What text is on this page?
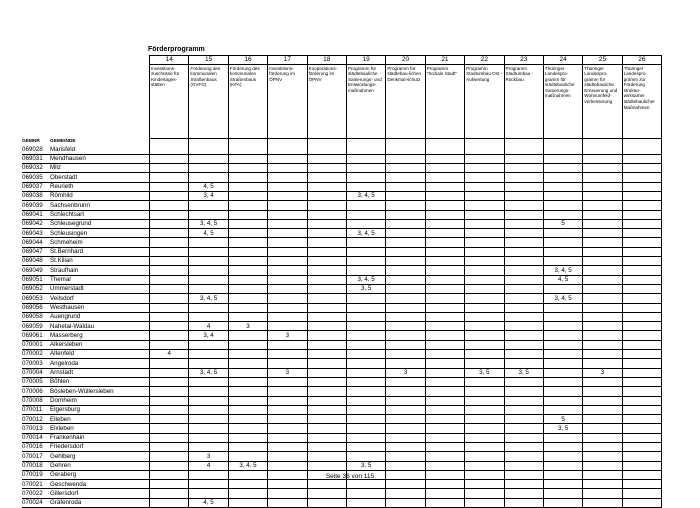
Förderprogramm
		14	15	16	17	18	19	20	21	22	23	24	25	26
		Investitions-zuschüsse für Kindertages-stätten	Förderung des kommunalen Straßenbaus (GVFG)	Förderung des kommunalen Straßenbaus (KFA)	Investitions-förderung im ÖPNV	Kooperations-förderung im ÖPNV	Programm für städtebauliche Sanierungs- und Entwicklungs-maßnahmen	Programm für städtebau-lichen Denkmal-schutz	Programm "Soziale Stadt"	Programm Stadtumbau Ost - Aufwertung	Programm Stadtumbau - Rückbau	Thüringer Landespro-gramm für städtebauliche Sanierungs-maßnahmen	Thüringer Landespro-gramm für städtebauliche Erneuerung und Wohnumfeld-verbesserung	Thüringer Landespro-gramm zur Förderung struktur-wirksamer städtebaulicher Maßnahmen
GEMNR	GEMEINDE													
069028	Marisfeld													
069031	Mendhausen													
069032	Milz													
069035	Oberstadt													
069037	Reurieth		4, 5											
069038	Römhild		3, 4				3, 4, 5							
069039	Sachsenbrunn													
069041	Schlechtsart													
069042	Schleusegrund		3, 4, 5									5		
069043	Schleusingen		4, 5				3, 4, 5							
069044	Schmeheim													
069047	St.Bernhard													
069048	St.Kilian													
069049	Straufhain											3, 4, 5		
069051	Themar						3, 4, 5					4, 5		
069052	Ummerstadt						3, 5							
069053	Veilsdorf		3, 4, 5									3, 4, 5		
069056	Westhausen													
069058	Auengrund													
069059	Nahetal-Waldau		4	3										
069061	Masserberg		3, 4		3									
070001	Alkersleben													
070002	Altenfeld	4												
070003	Angelroda													
070004	Arnstadt		3, 4, 5		3			3		3, 5	3, 5		3	
070005	Böhlen													
070006	Bösleben-Wüllersleben													
070008	Dornheim													
070011	Elgersburg													
070012	Elleben											5		
070013	Elxleben											3, 5		
070014	Frankenhain													
070016	Friedersdorf													
070017	Gehlberg		3											
070018	Gehren		4	3, 4, 5			3, 5							
070019	Geraberg													
070021	Geschwenda													
070022	Gillersdorf													
070024	Gräfenroda		4, 5											
Seite 36 von 115
